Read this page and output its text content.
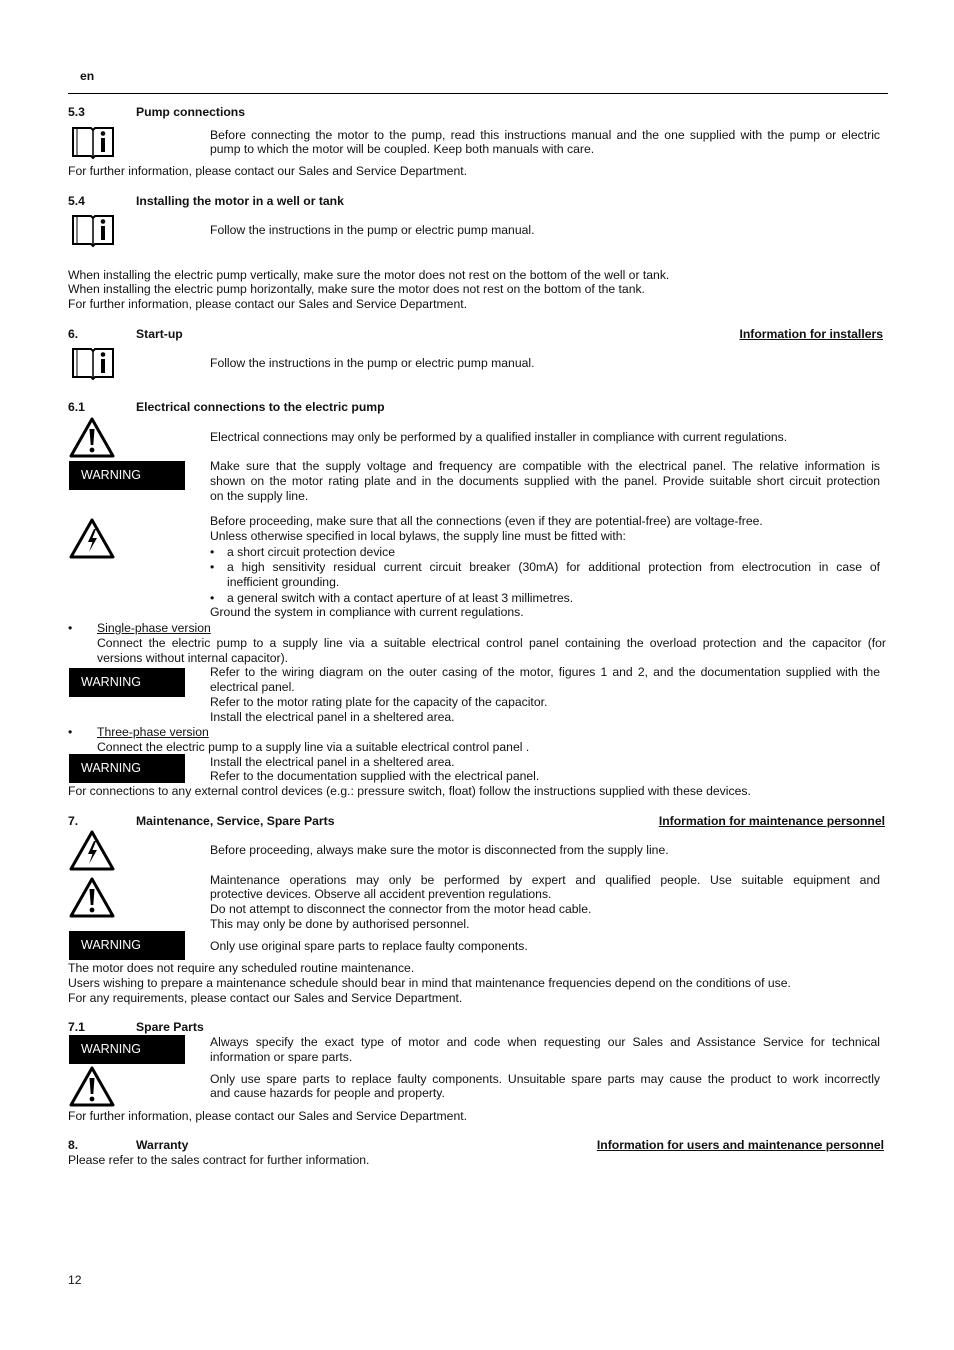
en
5.3	Pump connections
Before connecting the motor to the pump, read this instructions manual and the one supplied with the pump or electric
pump to which the motor will be coupled. Keep both manuals with care.
For further information, please contact our Sales and Service Department.
5.4	Installing the motor in a well or tank
Follow the instructions in the pump or electric pump manual.
When installing the electric pump vertically, make sure the motor does not rest on the bottom of the well or tank.
When installing the electric pump horizontally, make sure the motor does not rest on the bottom of the tank.
For further information, please contact our Sales and Service Department.
6.	Start-up	Information for installers
Follow the instructions in the pump or electric pump manual.
6.1	Electrical connections to the electric pump
Electrical connections may only be performed by a qualified installer in compliance with current regulations.
WARNING
Make sure that the supply voltage and frequency are compatible with the electrical panel. The relative information is
shown on the motor rating plate and in the documents supplied with the panel. Provide suitable short circuit protection
on the supply line.
Before proceeding, make sure that all the connections (even if they are potential-free) are voltage-free.
Unless otherwise specified in local bylaws, the supply line must be fitted with:
• a short circuit protection device
• a high sensitivity residual current circuit breaker (30mA) for additional protection from electrocution in case of
inefficient grounding.
• a general switch with a contact aperture of at least 3 millimetres.
Ground the system in compliance with current regulations.
• Single-phase version
Connect the electric pump to a supply line via a suitable electrical control panel containing the overload protection and the capacitor (for
versions without internal capacitor).
WARNING
Refer to the wiring diagram on the outer casing of the motor, figures 1 and 2, and the documentation supplied with the
electrical panel.
Refer to the motor rating plate for the capacity of the capacitor.
Install the electrical panel in a sheltered area.
• Three-phase version
Connect the electric pump to a supply line via a suitable electrical control panel .
WARNING	Install the electrical panel in a sheltered area.
Refer to the documentation supplied with the electrical panel.
For connections to any external control devices (e.g.: pressure switch, float) follow the instructions supplied with these devices.
7.	Maintenance, Service, Spare Parts	Information for maintenance personnel
Before proceeding, always make sure the motor is disconnected from the supply line.
Maintenance operations may only be performed by expert and qualified people. Use suitable equipment and
protective devices. Observe all accident prevention regulations.
Do not attempt to disconnect the connector from the motor head cable.
This may only be done by authorised personnel.
WARNING	Only use original spare parts to replace faulty components.
The motor does not require any scheduled routine maintenance.
Users wishing to prepare a maintenance schedule should bear in mind that maintenance frequencies depend on the conditions of use.
For any requirements, please contact our Sales and Service Department.
7.1	Spare Parts
WARNING	Always specify the exact type of motor and code when requesting our Sales and Assistance Service for technical
information or spare parts.
Only use spare parts to replace faulty components. Unsuitable spare parts may cause the product to work incorrectly
and cause hazards for people and property.
For further information, please contact our Sales and Service Department.
8.	Warranty	Information for users and maintenance personnel
Please refer to the sales contract for further information.
12
